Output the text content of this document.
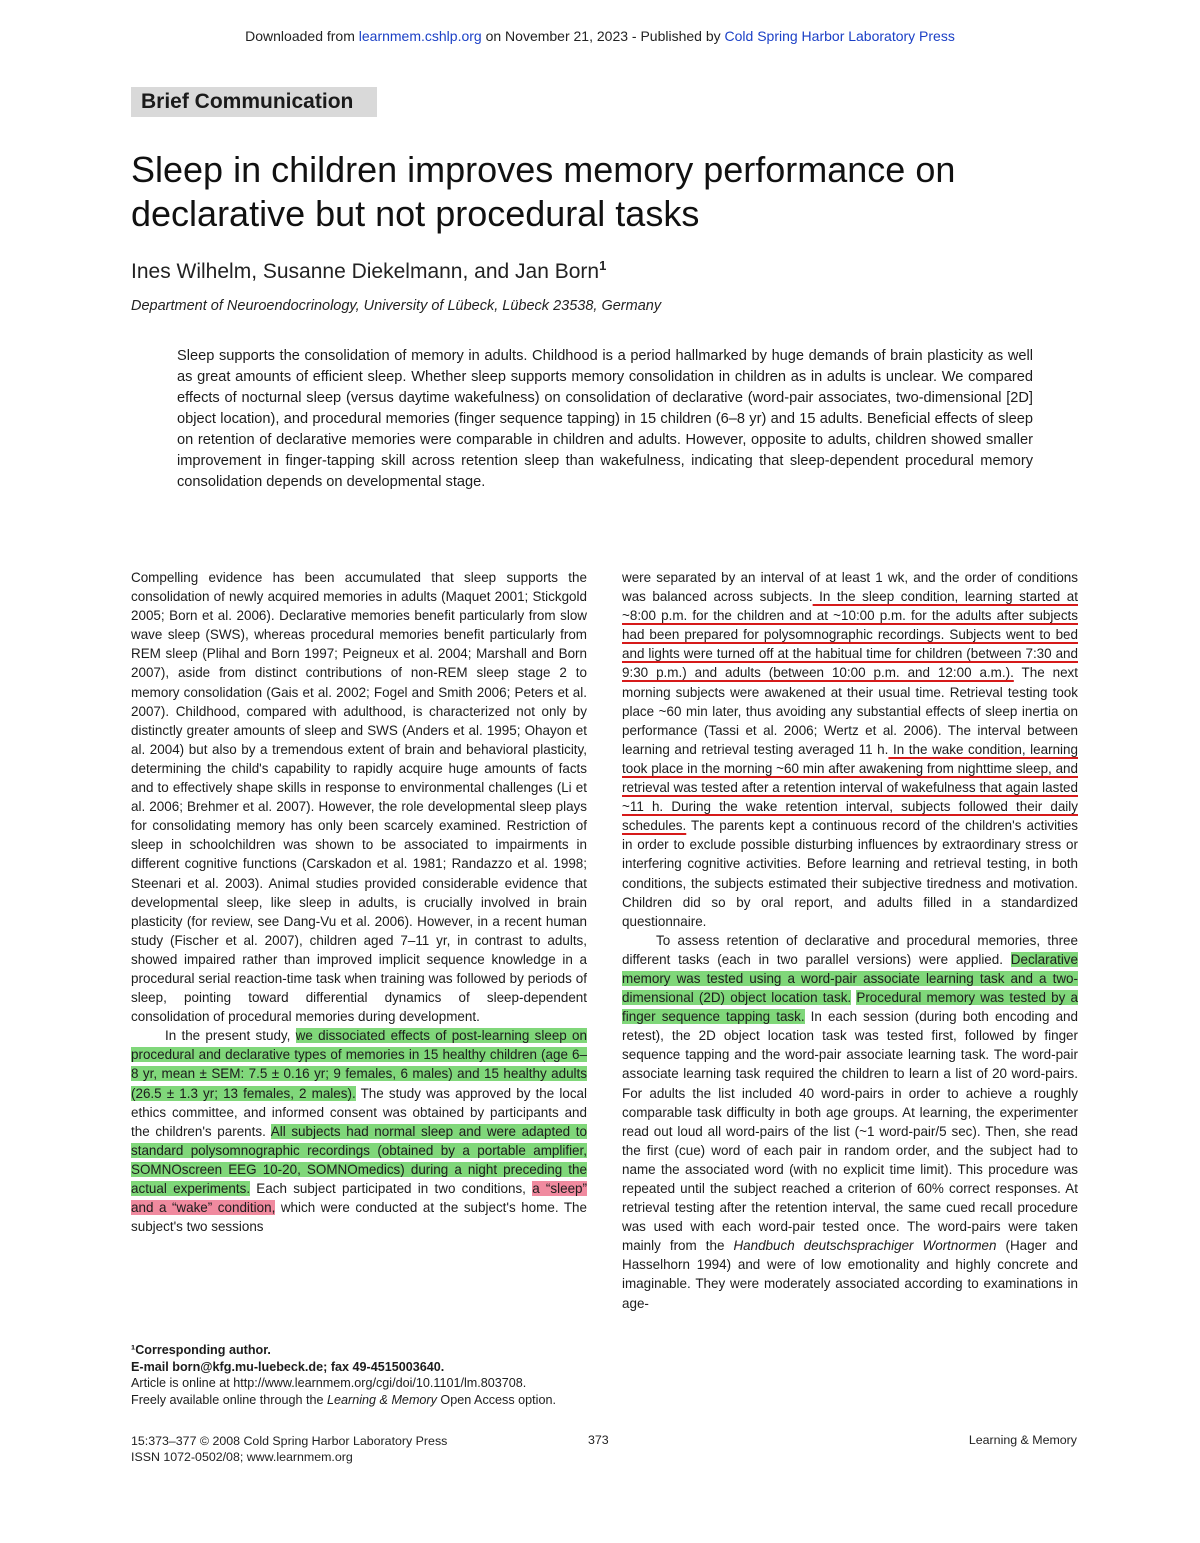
Downloaded from learnmem.cshlp.org on November 21, 2023 - Published by Cold Spring Harbor Laboratory Press
Brief Communication
Sleep in children improves memory performance on declarative but not procedural tasks
Ines Wilhelm, Susanne Diekelmann, and Jan Born$^1$
Department of Neuroendocrinology, University of Lübeck, Lübeck 23538, Germany
Sleep supports the consolidation of memory in adults. Childhood is a period hallmarked by huge demands of brain plasticity as well as great amounts of efficient sleep. Whether sleep supports memory consolidation in children as in adults is unclear. We compared effects of nocturnal sleep (versus daytime wakefulness) on consolidation of declarative (word-pair associates, two-dimensional [2D] object location), and procedural memories (finger sequence tapping) in 15 children (6–8 yr) and 15 adults. Beneficial effects of sleep on retention of declarative memories were comparable in children and adults. However, opposite to adults, children showed smaller improvement in finger-tapping skill across retention sleep than wakefulness, indicating that sleep-dependent procedural memory consolidation depends on developmental stage.

Compelling evidence has been accumulated that sleep supports the consolidation of newly acquired memories in adults (Maquet 2001; Stickgold 2005; Born et al. 2006). Declarative memories benefit particularly from slow wave sleep (SWS), whereas procedural memories benefit particularly from REM sleep (Plihal and Born 1997; Peigneux et al. 2004; Marshall and Born 2007), aside from distinct contributions of non-REM sleep stage 2 to memory consolidation (Gais et al. 2002; Fogel and Smith 2006; Peters et al. 2007). Childhood, compared with adulthood, is characterized not only by distinctly greater amounts of sleep and SWS (Anders et al. 1995; Ohayon et al. 2004) but also by a tremendous extent of brain and behavioral plasticity, determining the child's capability to rapidly acquire huge amounts of facts and to effectively shape skills in response to environmental challenges (Li et al. 2006; Brehmer et al. 2007). However, the role developmental sleep plays for consolidating memory has only been scarcely examined. Restriction of sleep in schoolchildren was shown to be associated to impairments in different cognitive functions (Carskadon et al. 1981; Randazzo et al. 1998; Steenari et al. 2003). Animal studies provided considerable evidence that developmental sleep, like sleep in adults, is crucially involved in brain plasticity (for review, see Dang-Vu et al. 2006). However, in a recent human study (Fischer et al. 2007), children aged 7–11 yr, in contrast to adults, showed impaired rather than improved implicit sequence knowledge in a procedural serial reaction-time task when training was followed by periods of sleep, pointing toward differential dynamics of sleep-dependent consolidation of procedural memories during development.

In the present study, we dissociated effects of post-learning sleep on procedural and declarative types of memories in 15 healthy children (age 6–8 yr, mean ± SEM: 7.5 ± 0.16 yr; 9 females, 6 males) and 15 healthy adults (26.5 ± 1.3 yr; 13 females, 2 males). The study was approved by the local ethics committee, and informed consent was obtained by participants and the children's parents. All subjects had normal sleep and were adapted to standard polysomnographic recordings (obtained by a portable amplifier, SOMNOscreen EEG 10-20, SOMNOmedics) during a night preceding the actual experiments. Each subject participated in two conditions, a “sleep” and a “wake” condition, which were conducted at the subject's home. The subject's two sessions

were separated by an interval of at least 1 wk, and the order of conditions was balanced across subjects. In the sleep condition, learning started at ~8:00 p.m. for the children and at ~10:00 p.m. for the adults after subjects had been prepared for polysomnographic recordings. Subjects went to bed and lights were turned off at the habitual time for children (between 7:30 and 9:30 p.m.) and adults (between 10:00 p.m. and 12:00 a.m.). The next morning subjects were awakened at their usual time. Retrieval testing took place ~60 min later, thus avoiding any substantial effects of sleep inertia on performance (Tassi et al. 2006; Wertz et al. 2006). The interval between learning and retrieval testing averaged 11 h. In the wake condition, learning took place in the morning ~60 min after awakening from nighttime sleep, and retrieval was tested after a retention interval of wakefulness that again lasted ~11 h. During the wake retention interval, subjects followed their daily schedules. The parents kept a continuous record of the children's activities in order to exclude possible disturbing influences by extraordinary stress or interfering cognitive activities. Before learning and retrieval testing, in both conditions, the subjects estimated their subjective tiredness and motivation. Children did so by oral report, and adults filled in a standardized questionnaire.

To assess retention of declarative and procedural memories, three different tasks (each in two parallel versions) were applied. Declarative memory was tested using a word-pair associate learning task and a two-dimensional (2D) object location task. Procedural memory was tested by a finger sequence tapping task. In each session (during both encoding and retest), the 2D object location task was tested first, followed by finger sequence tapping and the word-pair associate learning task. The word-pair associate learning task required the children to learn a list of 20 word-pairs. For adults the list included 40 word-pairs in order to achieve a roughly comparable task difficulty in both age groups. At learning, the experimenter read out loud all word-pairs of the list (~1 word-pair/5 sec). Then, she read the first (cue) word of each pair in random order, and the subject had to name the associated word (with no explicit time limit). This procedure was repeated until the subject reached a criterion of 60% correct responses. At retrieval testing after the retention interval, the same cued recall procedure was used with each word-pair tested once. The word-pairs were taken mainly from the Handbuch deutschsprachiger Wortnormen (Hager and Hasselhorn 1994) and were of low emotionality and highly concrete and imaginable. They were moderately associated according to examinations in age-

¹Corresponding author.
E-mail born@kfg.mu-luebeck.de; fax 49-4515003640.
Article is online at http://www.learnmem.org/cgi/doi/10.1101/lm.803708.
Freely available online through the Learning & Memory Open Access option.
15:373–377 © 2008 Cold Spring Harbor Laboratory Press
ISSN 1072-0502/08; www.learnmem.org
373	Learning & Memory
